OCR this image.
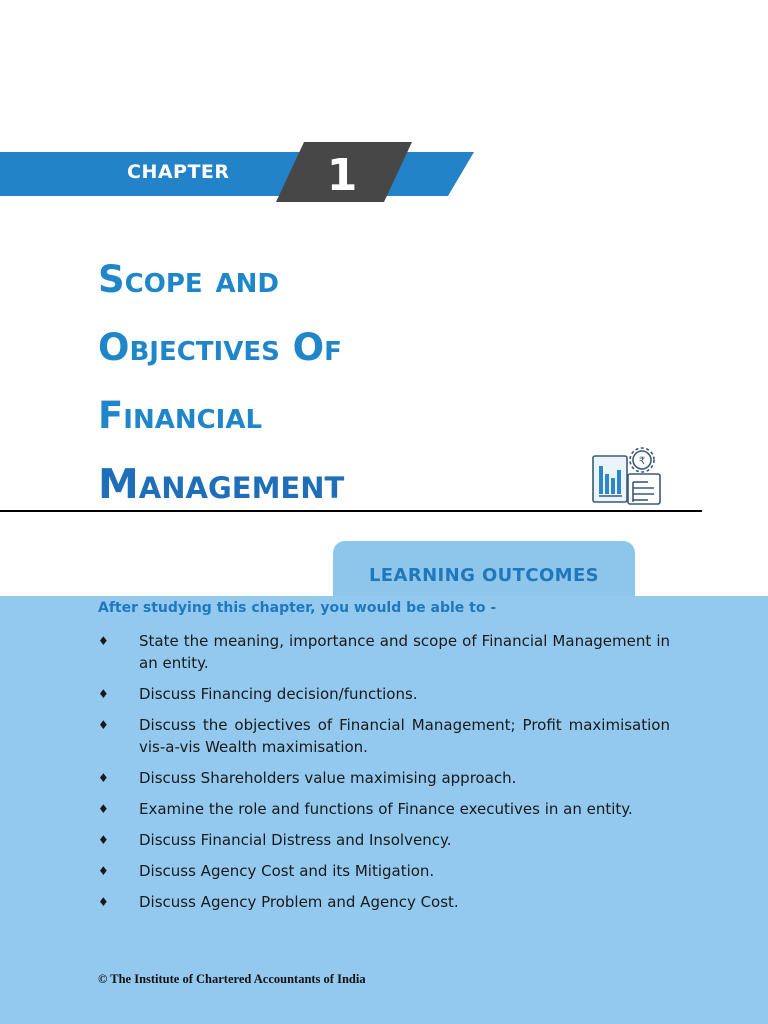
CHAPTER 1
Scope and
Objectives Of
Financial
Management	₹
LEARNING OUTCOMES
After studying this chapter, you would be able to -
♦ State the meaning, importance and scope of Financial Management in an entity.
♦ Discuss Financing decision/functions.
♦ Discuss the objectives of Financial Management; Profit maximisation vis-a-vis Wealth maximisation.
♦ Discuss Shareholders value maximising approach.
♦ Examine the role and functions of Finance executives in an entity.
♦ Discuss Financial Distress and Insolvency.
♦ Discuss Agency Cost and its Mitigation.
♦ Discuss Agency Problem and Agency Cost.
© The Institute of Chartered Accountants of India
